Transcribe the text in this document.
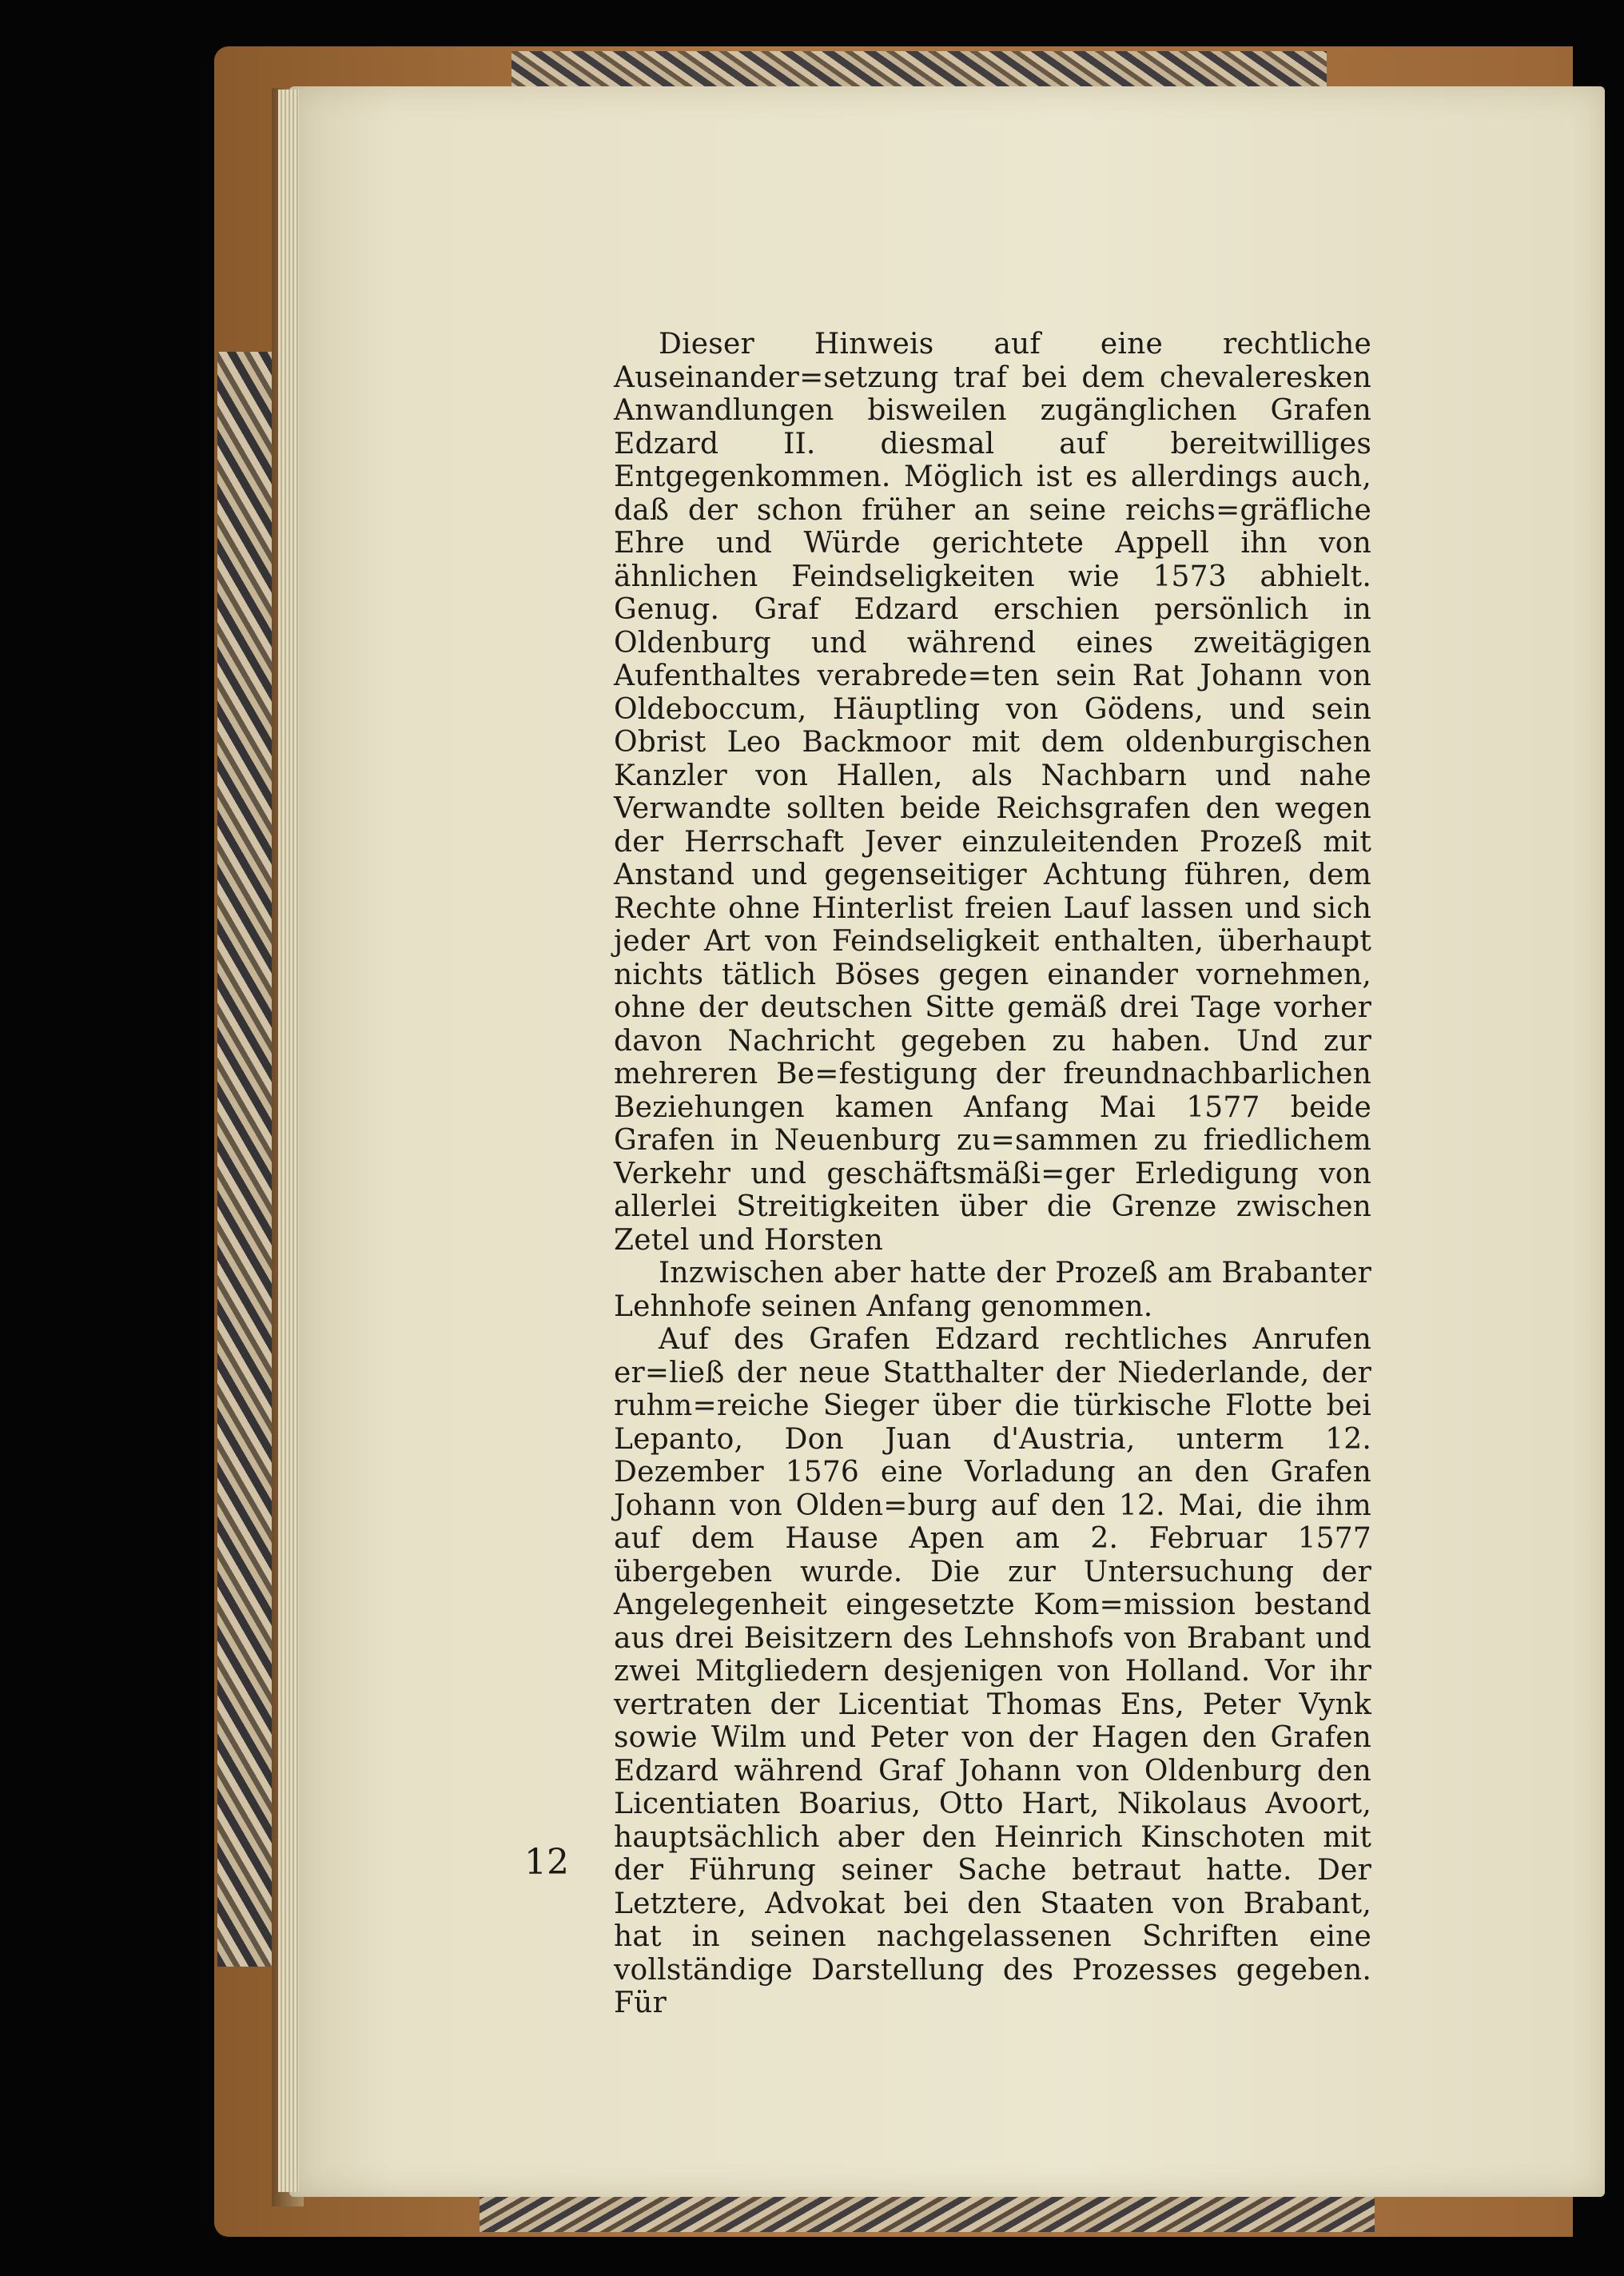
Dieser Hinweis auf eine rechtliche Auseinander=setzung traf bei dem chevaleresken Anwandlungen bisweilen zugänglichen Grafen Edzard II. diesmal auf bereitwilliges Entgegenkommen. Möglich ist es allerdings auch, daß der schon früher an seine reichs=gräfliche Ehre und Würde gerichtete Appell ihn von ähnlichen Feindseligkeiten wie 1573 abhielt. Genug. Graf Edzard erschien persönlich in Oldenburg und während eines zweitägigen Aufenthaltes verabrede=ten sein Rat Johann von Oldeboccum, Häuptling von Gödens, und sein Obrist Leo Backmoor mit dem oldenburgischen Kanzler von Hallen, als Nachbarn und nahe Verwandte sollten beide Reichsgrafen den wegen der Herrschaft Jever einzuleitenden Prozeß mit Anstand und gegenseitiger Achtung führen, dem Rechte ohne Hinterlist freien Lauf lassen und sich jeder Art von Feindseligkeit enthalten, überhaupt nichts tätlich Böses gegen einander vornehmen, ohne der deutschen Sitte gemäß drei Tage vorher davon Nachricht gegeben zu haben. Und zur mehreren Be=festigung der freundnachbarlichen Beziehungen kamen Anfang Mai 1577 beide Grafen in Neuenburg zu=sammen zu friedlichem Verkehr und geschäftsmäßi=ger Erledigung von allerlei Streitigkeiten über die Grenze zwischen Zetel und Horsten

Inzwischen aber hatte der Prozeß am Brabanter Lehnhofe seinen Anfang genommen.

Auf des Grafen Edzard rechtliches Anrufen er=ließ der neue Statthalter der Niederlande, der ruhm=reiche Sieger über die türkische Flotte bei Lepanto, Don Juan d'Austria, unterm 12. Dezember 1576 eine Vorladung an den Grafen Johann von Olden=burg auf den 12. Mai, die ihm auf dem Hause Apen am 2. Februar 1577 übergeben wurde. Die zur Untersuchung der Angelegenheit eingesetzte Kom=mission bestand aus drei Beisitzern des Lehnshofs von Brabant und zwei Mitgliedern desjenigen von Holland. Vor ihr vertraten der Licentiat Thomas Ens, Peter Vynk sowie Wilm und Peter von der Hagen den Grafen Edzard während Graf Johann von Oldenburg den Licentiaten Boarius, Otto Hart, Nikolaus Avoort, hauptsächlich aber den Heinrich Kinschoten mit der Führung seiner Sache betraut hatte. Der Letztere, Advokat bei den Staaten von Brabant, hat in seinen nachgelassenen Schriften eine vollständige Darstellung des Prozesses gegeben. Für

12
